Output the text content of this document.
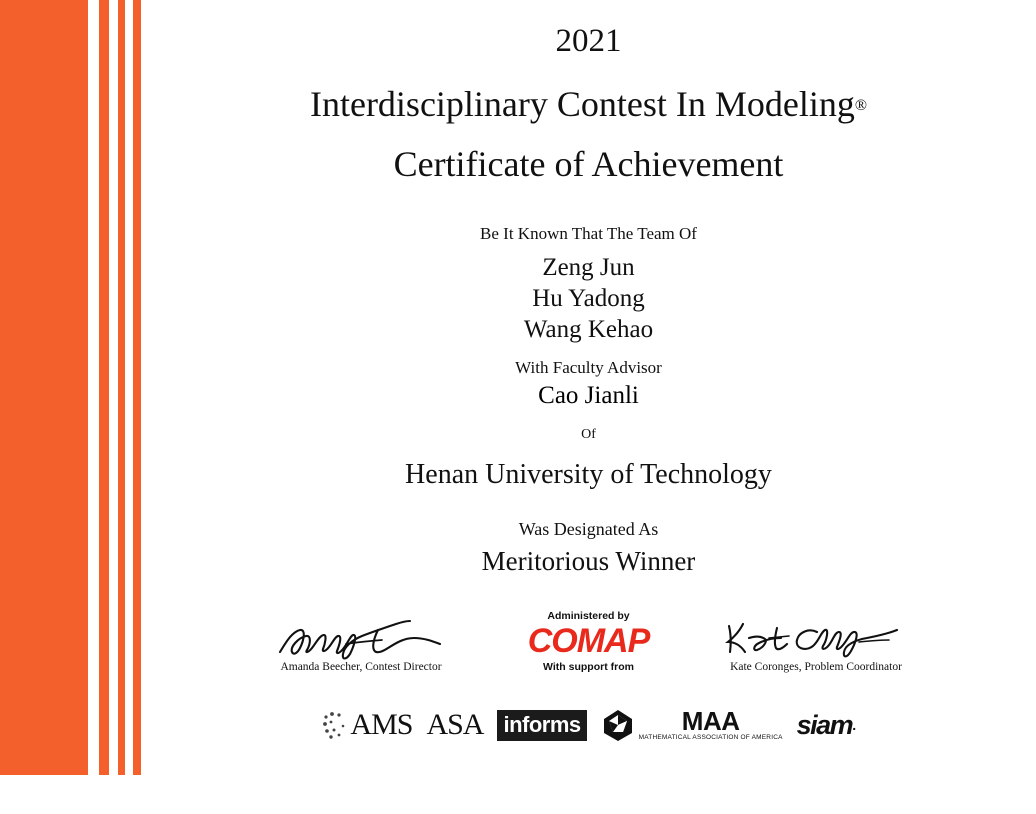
2021
Interdisciplinary Contest In Modeling®
Certificate of Achievement
Be It Known That The Team Of
Zeng Jun
Hu Yadong
Wang Kehao
With Faculty Advisor
Cao Jianli
Of
Henan University of Technology
Was Designated As
Meritorious Winner
Amanda Beecher, Contest Director
Administered by
COMAP
With support from	Kate Coronges, Problem Coordinator
AMS ASA informs	MAA
MATHEMATICAL ASSOCIATION OF AMERICA siam .
